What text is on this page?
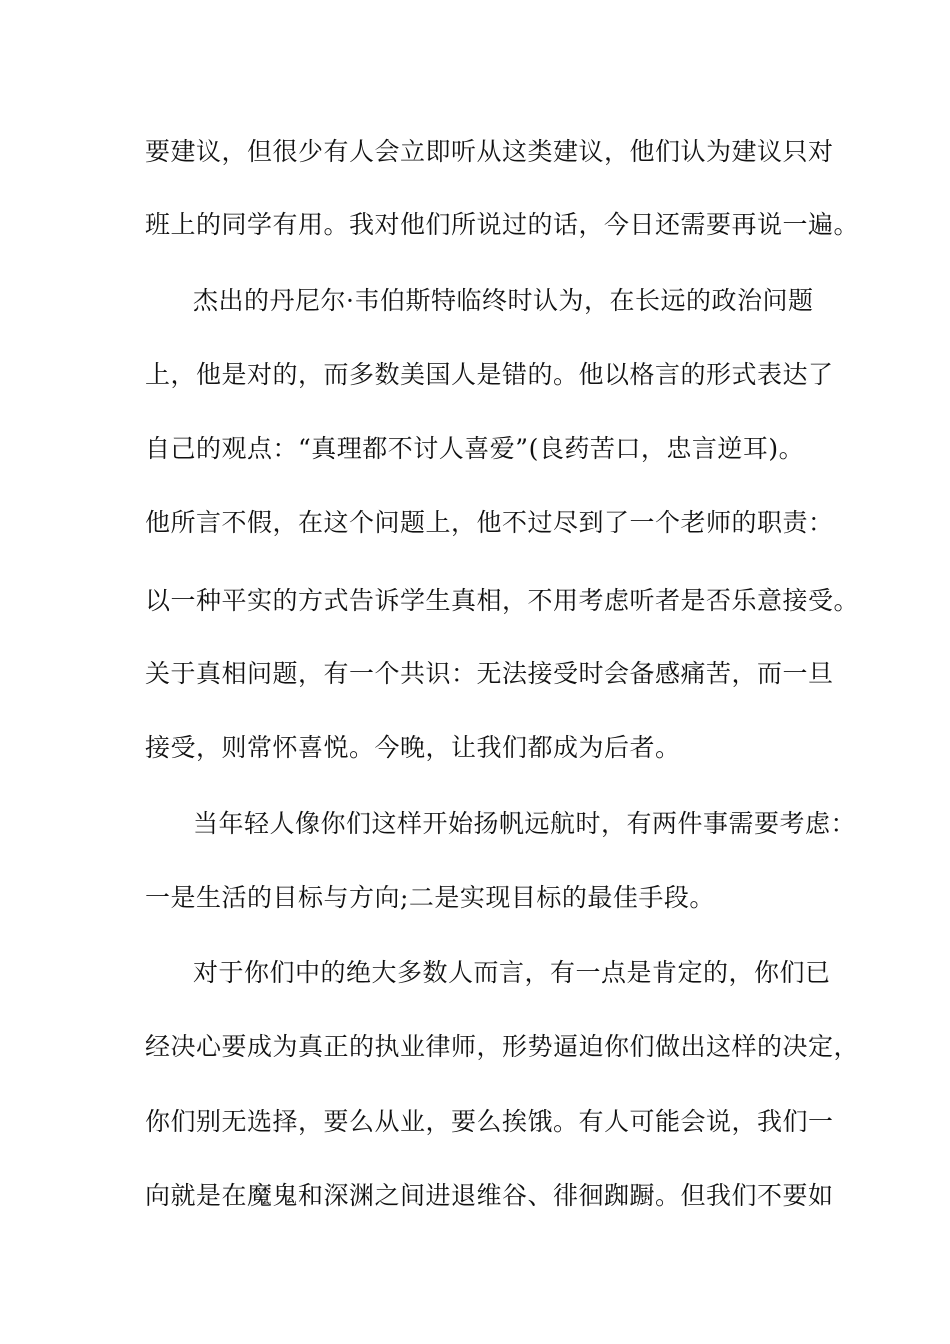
要建议，但很少有人会立即听从这类建议，他们认为建议只对
班上的同学有用。我对他们所说过的话，今日还需要再说一遍。
杰出的丹尼尔·韦伯斯特临终时认为，在长远的政治问题
上，他是对的，而多数美国人是错的。他以格言的形式表达了
自己的观点：“真理都不讨人喜爱”(良药苦口，忠言逆耳)。
他所言不假，在这个问题上，他不过尽到了一个老师的职责：
以一种平实的方式告诉学生真相，不用考虑听者是否乐意接受。
关于真相问题，有一个共识：无法接受时会备感痛苦，而一旦
接受，则常怀喜悦。今晚，让我们都成为后者。
当年轻人像你们这样开始扬帆远航时，有两件事需要考虑：
一是生活的目标与方向;二是实现目标的最佳手段。
对于你们中的绝大多数人而言，有一点是肯定的，你们已
经决心要成为真正的执业律师，形势逼迫你们做出这样的决定，
你们别无选择，要么从业，要么挨饿。有人可能会说，我们一
向就是在魔鬼和深渊之间进退维谷、徘徊踟蹰。但我们不要如
